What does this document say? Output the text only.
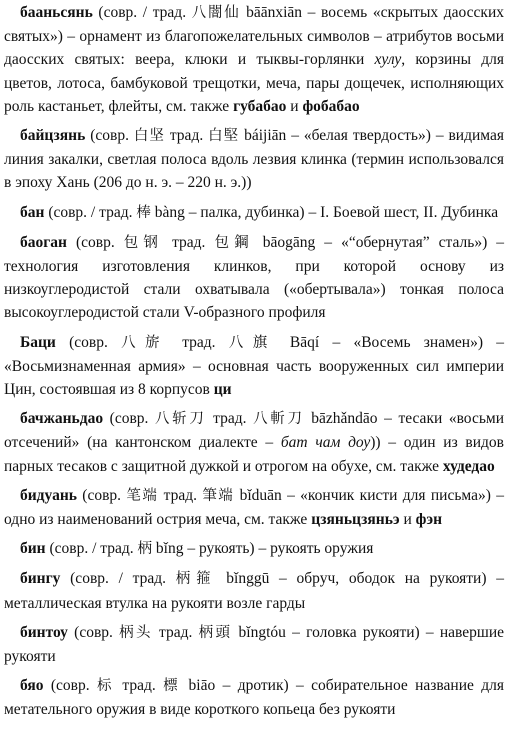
бааньсянь (совр. / трад. 八闇仙 bāānxiān – восемь «скрытых даосских святых») – орнамент из благопожелательных символов – атрибутов восьми даосских святых: веера, клюки и тыквы-горлянки хулу, корзины для цветов, лотоса, бамбуковой трещотки, меча, пары дощечек, исполняющих роль кастаньет, флейты, см. также губабао и фобабао

байцзянь (совр. 白坚 трад. 白堅 báijiān – «белая твердость») – видимая линия закалки, светлая полоса вдоль лезвия клинка (термин использовался в эпоху Хань (206 до н. э. – 220 н. э.))

бан (совр. / трад. 棒 bàng – палка, дубинка) – I. Боевой шест, II. Дубинка

баоган (совр. 包钢 трад. 包鋼 bāogāng – «“обернутая” сталь») – технология изготовления клинков, при которой основу из низкоуглеродистой стали охватывала («обертывала») тонкая полоса высокоуглеродистой стали V-образного профиля

Баци (совр. 八旂 трад. 八旗 Bāqí – «Восемь знамен») – «Восьмизнаменная армия» – основная часть вооруженных сил империи Цин, состоявшая из 8 корпусов ци

бачжаньдао (совр. 八斩刀 трад. 八斬刀 bāzhǎndāo – тесаки «восьми отсечений» (на кантонском диалекте – бат чам доу)) – один из видов парных тесаков с защитной дужкой и отрогом на обухе, см. также худедао

бидуань (совр. 笔端 трад. 筆端 bǐduān – «кончик кисти для письма») – одно из наименований острия меча, см. также цзяньцзяньэ и фэн

бин (совр. / трад. 柄 bǐng – рукоять) – рукоять оружия

бингу (совр. / трад. 柄箍 bǐnggū – обруч, ободок на рукояти) – металлическая втулка на рукояти возле гарды

бинтоу (совр. 柄头 трад. 柄頭 bǐngtóu – головка рукояти) – навершие рукояти

бяо (совр. 标 трад. 標 biāo – дротик) – собирательное название для метательного оружия в виде короткого копьеца без рукояти
